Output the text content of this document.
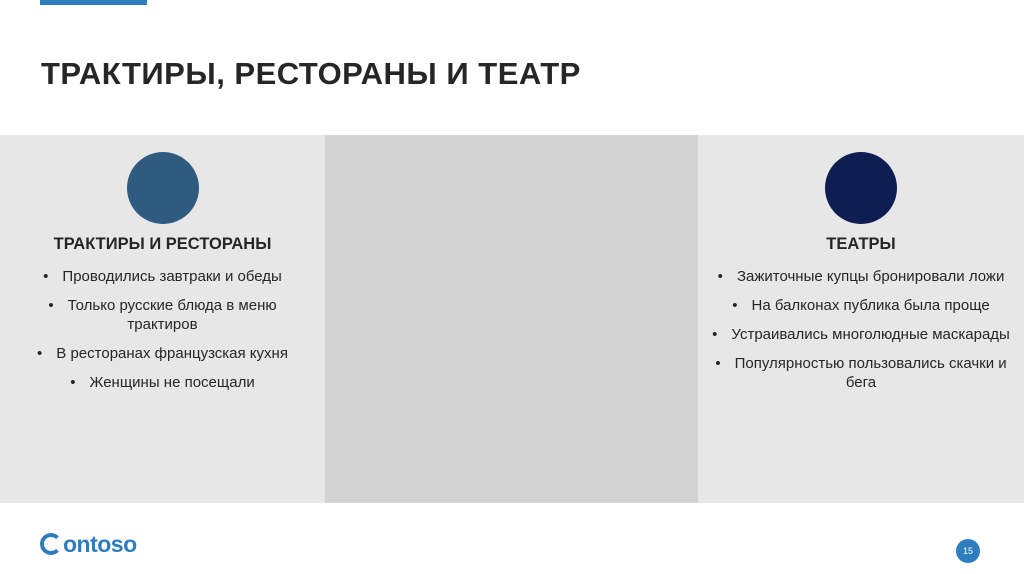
ТРАКТИРЫ, РЕСТОРАНЫ И ТЕАТР
ТРАКТИРЫ И РЕСТОРАНЫ
• Проводились завтраки и обеды
• Только русские блюда в меню трактиров
• В ресторанах французская кухня
• Женщины не посещали
ТЕАТРЫ
• Зажиточные купцы бронировали ложи
• На балконах публика была проще
• Устраивались многолюдные маскарады
• Популярностью пользовались скачки и бега
ontoso	15
